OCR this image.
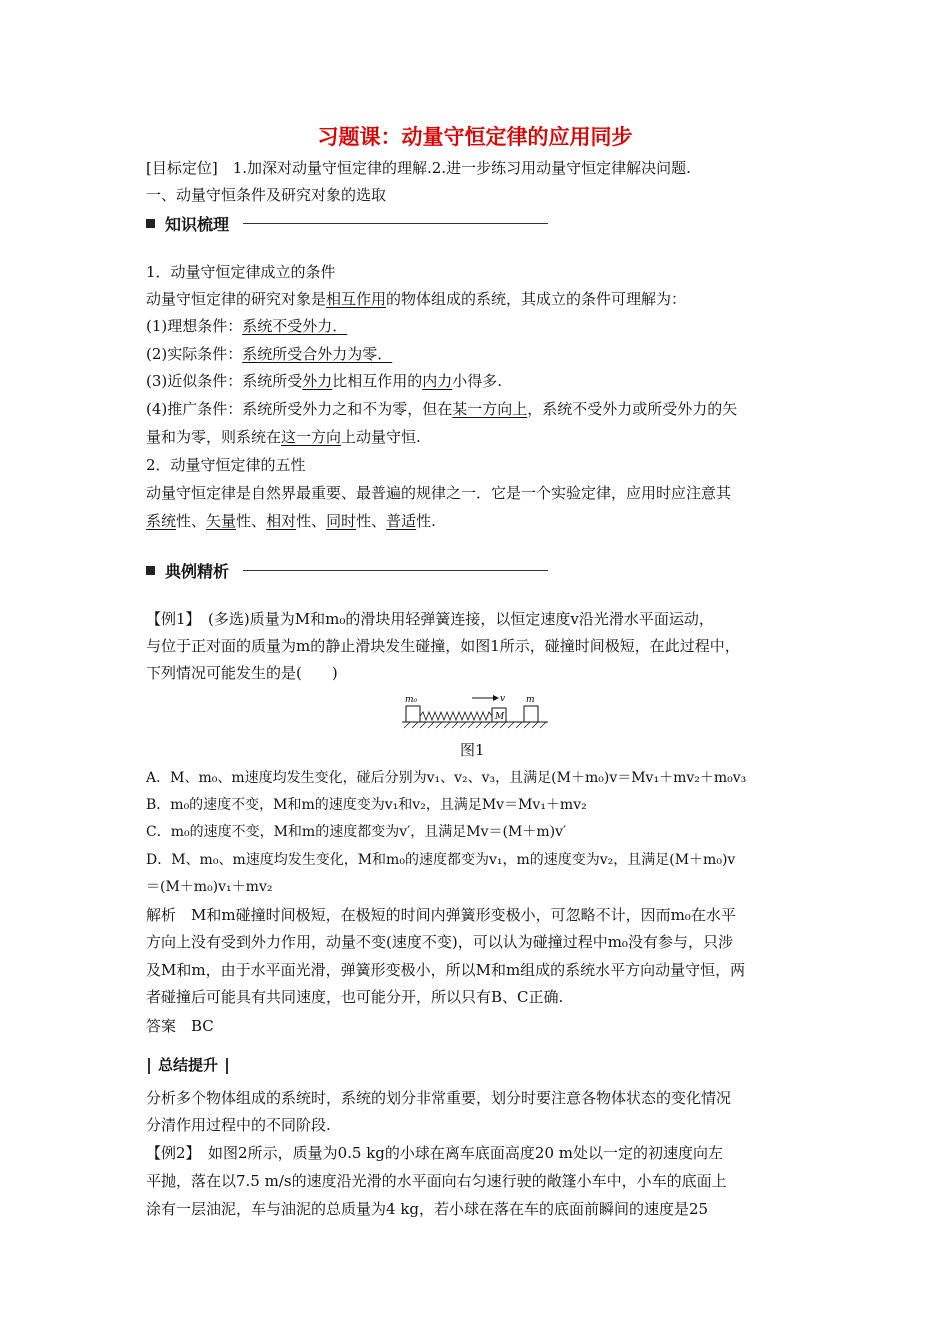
习题课：动量守恒定律的应用同步
[目标定位]　1.加深对动量守恒定律的理解.2.进一步练习用动量守恒定律解决问题.
一、动量守恒条件及研究对象的选取
知识梳理
1．动量守恒定律成立的条件
动量守恒定律的研究对象是相互作用的物体组成的系统，其成立的条件可理解为：
(1)理想条件：系统不受外力．
(2)实际条件：系统所受合外力为零．
(3)近似条件：系统所受外力比相互作用的内力小得多.
(4)推广条件：系统所受外力之和不为零，但在某一方向上，系统不受外力或所受外力的矢
量和为零，则系统在这一方向上动量守恒.
2．动量守恒定律的五性
动量守恒定律是自然界最重要、最普遍的规律之一．它是一个实验定律，应用时应注意其
系统性、矢量性、相对性、同时性、普适性.
典例精析
【例1】　(多选)质量为M和m₀的滑块用轻弹簧连接，以恒定速度v沿光滑水平面运动，
与位于正对面的质量为m的静止滑块发生碰撞，如图1所示，碰撞时间极短，在此过程中，
下列情况可能发生的是(　　)
m₀	v m
M
图1
A．M、m₀、m速度均发生变化，碰后分别为v₁、v₂、v₃，且满足(M＋m₀)v＝Mv₁＋mv₂＋m₀v₃
B．m₀的速度不变，M和m的速度变为v₁和v₂，且满足Mv＝Mv₁＋mv₂
C．m₀的速度不变，M和m的速度都变为v′，且满足Mv＝(M＋m)v′
D．M、m₀、m速度均发生变化，M和m₀的速度都变为v₁，m的速度变为v₂，且满足(M＋m₀)v
＝(M＋m₀)v₁＋mv₂
解析　M和m碰撞时间极短，在极短的时间内弹簧形变极小，可忽略不计，因而m₀在水平
方向上没有受到外力作用，动量不变(速度不变)，可以认为碰撞过程中m₀没有参与，只涉
及M和m，由于水平面光滑，弹簧形变极小，所以M和m组成的系统水平方向动量守恒，两
者碰撞后可能具有共同速度，也可能分开，所以只有B、C正确.
答案　BC
总结提升
分析多个物体组成的系统时，系统的划分非常重要，划分时要注意各物体状态的变化情况
分清作用过程中的不同阶段.
【例2】　如图2所示，质量为0.5 kg的小球在离车底面高度20 m处以一定的初速度向左
平抛，落在以7.5 m/s的速度沿光滑的水平面向右匀速行驶的敞篷小车中，小车的底面上
涂有一层油泥，车与油泥的总质量为4 kg，若小球在落在车的底面前瞬间的速度是25
